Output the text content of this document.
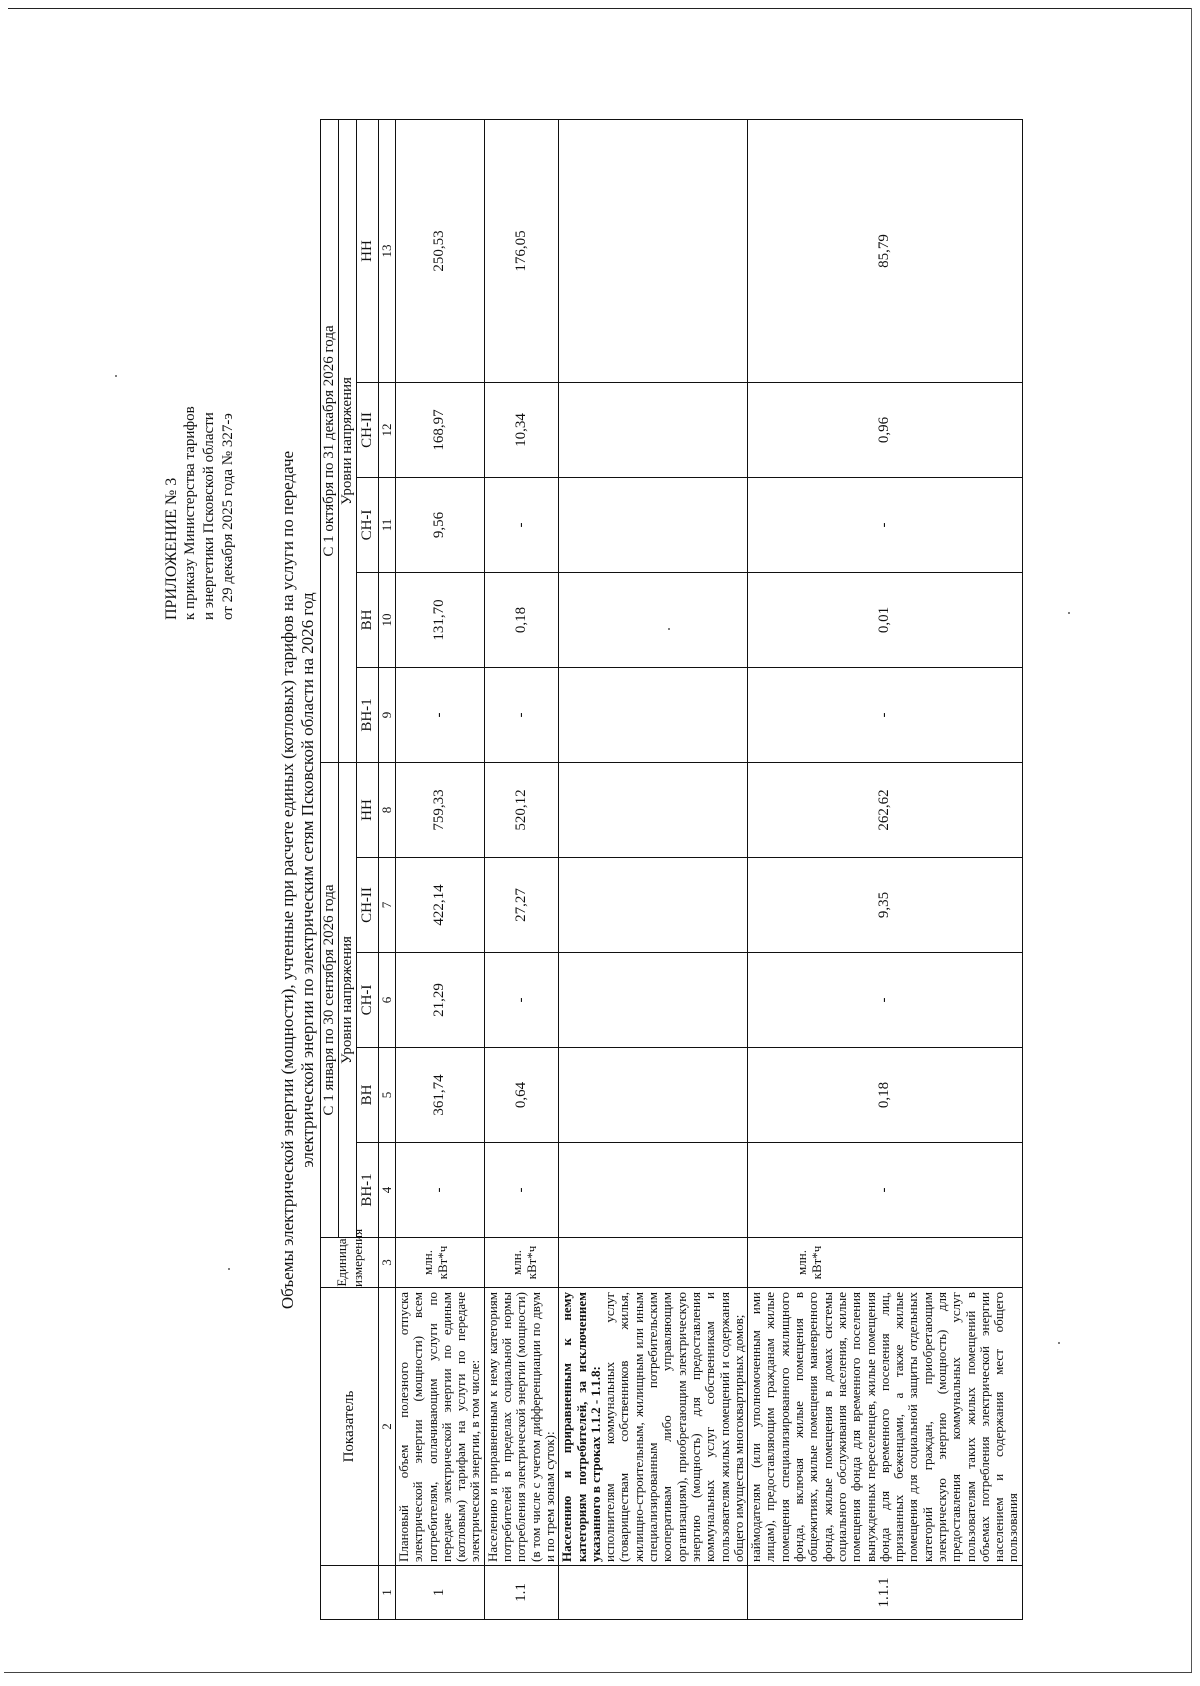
ПРИЛОЖЕНИЕ № 3 к приказу Министерства тарифов и энергетики Псковской области от 29 декабря 2025 года № 327-э Объемы электрической энергии (мощности), учтенные при расчете единых (котловых) тарифов на услуги по передаче электрической энергии по электрическим сетям Псковской области на 2026 год
	Показатель	Единица измерения	С 1 января по 30 сентября 2026 года					С 1 октября по 31 декабря 2026 года				
			Уровни напряжения					Уровни напряжения				
			ВН-1	ВН	СН-I	СН-II	НН	ВН-1	ВН	СН-I	СН-II	НН
1	2	3	4	5	6	7	8	9	10	11	12	13
1	Плановый объем полезного отпуска электрической энергии (мощности) всем потребителям, оплачивающим услуги по передаче электрической энергии по единым (котловым) тарифам на услуги по передаче электрической энергии, в том числе:	млн. кВт*ч	-	361,74	21,29	422,14	759,33	-	131,70	9,56	168,97	250,53
1.1	Населению и приравненным к нему категориям потребителей в пределах социальной нормы потребления электрической энергии (мощности) (в том числе с учетом дифференциации по двум и по трем зонам суток):	млн. кВт*ч	-	0,64	-	27,27	520,12	-	0,18	-	10,34	176,05

	Населению и приравненным к нему категориям потребителей, за исключением указанного в строках 1.1.2 - 1.1.8: исполнителям коммунальных услуг (товариществам собственников жилья, жилищно-строительным, жилищным или иным специализированным потребительским кооперативам либо управляющим организациям), приобретающим электрическую энергию (мощность) для предоставления коммунальных услуг собственникам и пользователям жилых помещений и содержания общего имущества многоквартирных домов;											

1.1.1	наймодателям (или уполномоченным ими лицам), предоставляющим гражданам жилые помещения специализированного жилищного фонда, включая жилые помещения в общежитиях, жилые помещения маневренного фонда, жилые помещения в домах системы социального обслуживания населения, жилые помещения фонда для временного поселения вынужденных переселенцев, жилые помещения фонда для временного поселения лиц, признанных беженцами, а также жилые помещения для социальной защиты отдельных категорий граждан, приобретающим электрическую энергию (мощность) для предоставления коммунальных услуг пользователям таких жилых помещений в объемах потребления электрической энергии населением и содержания мест общего пользования	млн. кВт*ч	-	0,18	-	9,35	262,62	-	0,01	-	0,96	85,79
